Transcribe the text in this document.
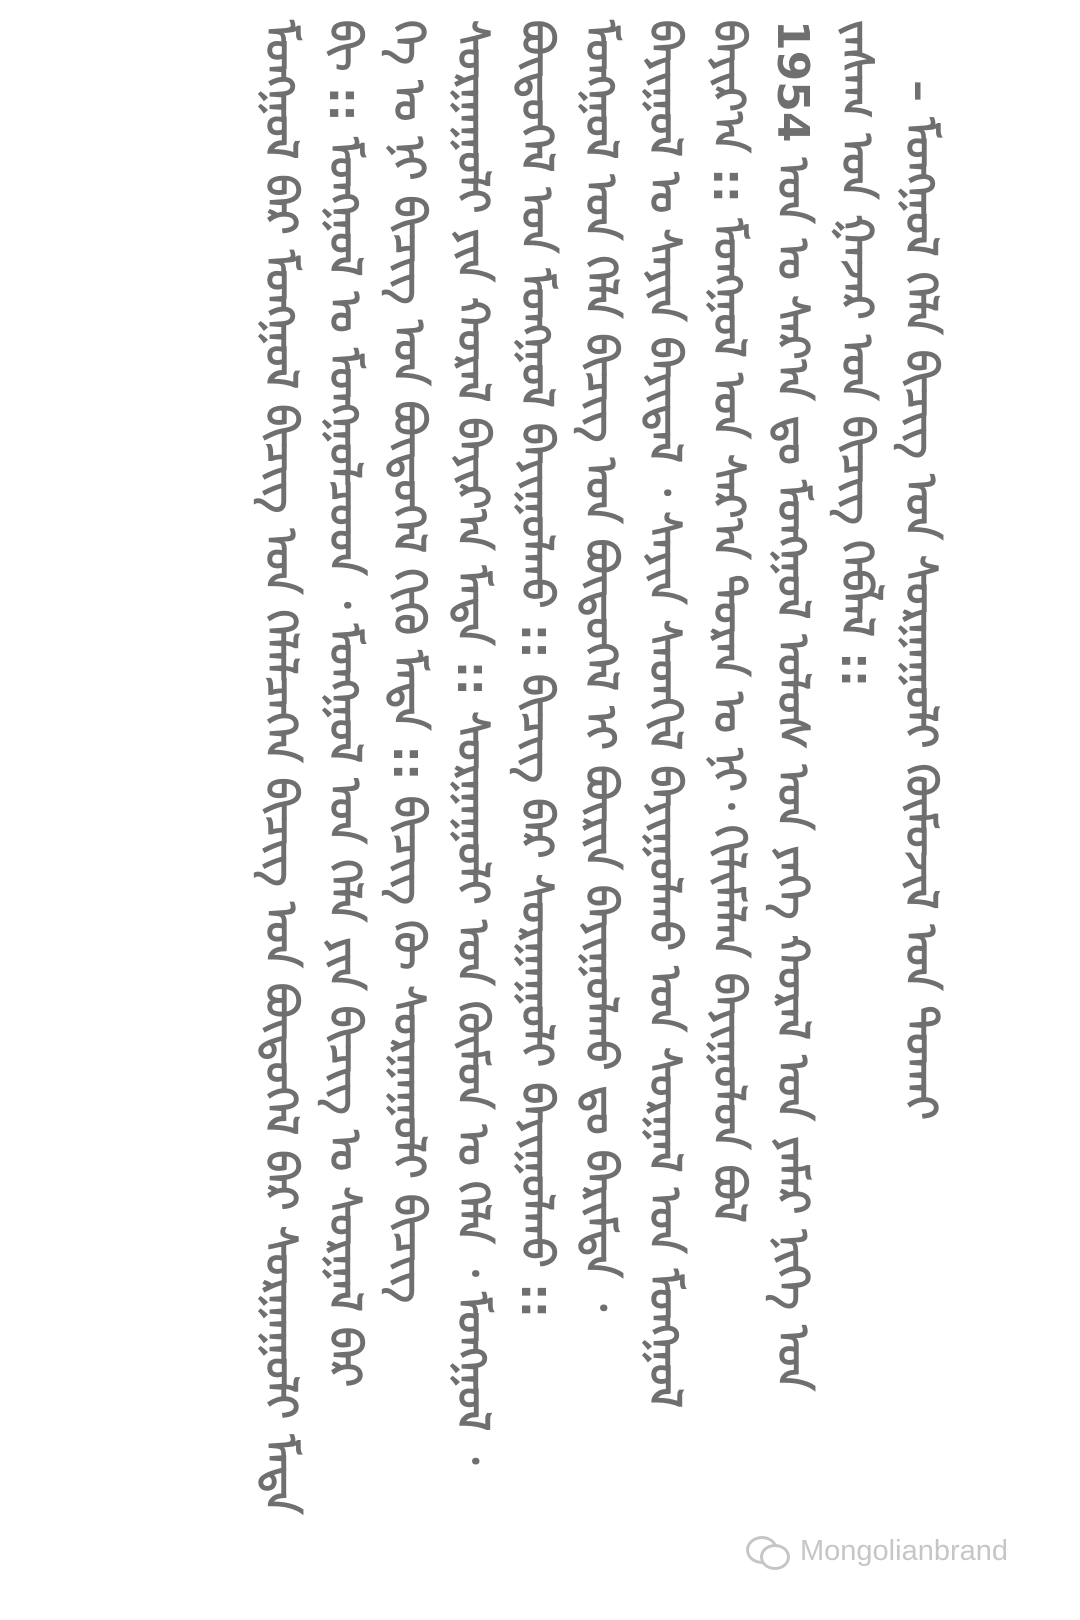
– ᠮᠣᠩᠭᠣᠯ ᠬᠡᠯᠡ ᠪᠢᠴᠢᠭ᠌ ᠤᠨ ᠰᠤᠷᠭᠠᠭᠤᠯᠢ ᠬᠥᠮᠦᠵᠢᠯ ᠤᠨ ᠲᠤᠬᠠᠢ
ᠵᠠᠰᠠᠭ ᠤᠨ ᠭᠠᠵᠠᠷ ᠤᠨ ᠪᠢᠴᠢᠭ ᠬᠡᠪᠯᠡᠯ ::
1954 ᠣᠨ ᠤ ᠰᠠᠷ᠎ᠠ ᠳᠤ ᠮᠣᠩᠭᠣᠯ ᠤᠯᠤᠰ ᠤᠨ ᠶᠡᠬᠡ ᠬᠤᠷᠠᠯ ᠤᠨ ᠶᠠᠮᠠᠷ ᠨᠢᠭᠡ ᠤᠨ
ᠪᠠᠶᠢᠷ᠎ᠠ :: ᠮᠣᠩᠭᠣᠯ ᠤᠨ ᠰᠠᠷ᠎ᠠ ᠳᠤᠷᠠᠨ ᠤ ᠨᠢ᠂ ᠬᠢᠯᠢᠮᠡᠯᠡᠨ ᠪᠠᠶᠢᠭᠤᠯᠤᠨ ᠪᠤᠯ
ᠪᠠᠶᠢᠭᠤᠯ ᠤ ᠰᠠᠶᠢᠨ ᠪᠠᠶᠢᠳᠠᠯ ᠂ ᠰᠠᠶᠢᠨ ᠰᠡᠳᠬᠢᠯ ᠪᠠᠶᠢᠭᠤᠯᠬᠤ ᠤᠨ ᠰᠤᠷᠭᠠᠯ ᠤᠨ ᠮᠣᠩᠭᠣᠯ
ᠮᠣᠩᠭᠣᠯ ᠤᠨ ᠬᠡᠯᠡ ᠪᠢᠴᠢᠭ ᠤᠨ ᠪᠦᠲᠦᠭᠡᠯ ᠢ ᠪᠦᠷᠢᠨ ᠪᠠᠶᠢᠭᠤᠯᠬᠤ ᠳᠤ ᠪᠠᠷᠢᠮᠲᠠ ᠂
ᠪᠦᠲᠦᠭᠡᠯ ᠤᠨ ᠮᠣᠩᠭᠣᠯ ᠪᠠᠶᠢᠭᠤᠯᠬᠤ :: ᠪᠢᠴᠢᠭ ᠪᠠᠷ ᠰᠤᠷᠭᠠᠭᠤᠯᠢ ᠪᠠᠶᠢᠭᠤᠯᠬᠤ ::
ᠰᠤᠷᠭᠠᠭᠤᠯᠢ ᠶᠢᠨ ᠬᠤᠷᠠᠯ ᠪᠠᠶᠢᠷ᠎ᠠ ᠮᠡᠳᠡ :: ᠰᠤᠷᠭᠠᠭᠤᠯᠢ ᠤᠨ ᠬᠦᠮᠦᠨ ᠤ ᠬᠡᠯᠡ ᠂ ᠮᠣᠩᠭᠣᠯ ᠂
ᠬᠡ ᠤ ᠨᠢ ᠪᠢᠴᠢᠭ ᠤᠨ ᠪᠦᠲᠦᠭᠡᠯ ᠬᠢᠬᠦ ᠮᠡᠳᠡ :: ᠪᠢᠴᠢᠭ ᠬᠦ ᠰᠤᠷᠭᠠᠭᠤᠯᠢ ᠪᠢᠴᠢᠭ᠌
ᠪᠢ :: ᠮᠣᠩᠭᠣᠯ ᠤ ᠮᠣᠩᠭᠣᠯᠴᠤᠳ ᠂ ᠮᠣᠩᠭᠣᠯ ᠤᠨ ᠬᠡᠯᠡ ᠶᠢᠨ ᠪᠢᠴᠢᠭ ᠤ ᠰᠤᠷᠭᠠᠯ ᠪᠠᠷ
ᠮᠣᠩᠭᠣᠯ ᠪᠠᠷ ᠮᠣᠩᠭᠣᠯ ᠪᠢᠴᠢᠭ ᠤᠨ ᠬᠡᠯᠡᠯᠴᠡᠭᠡᠨ ᠪᠢᠴᠢᠭ ᠤᠨ ᠪᠦᠲᠦᠭᠡᠯ ᠪᠠᠷ ᠰᠤᠷᠭᠠᠭᠤᠯᠢ ᠮᠡᠳᠡ
Mongolianbrand
